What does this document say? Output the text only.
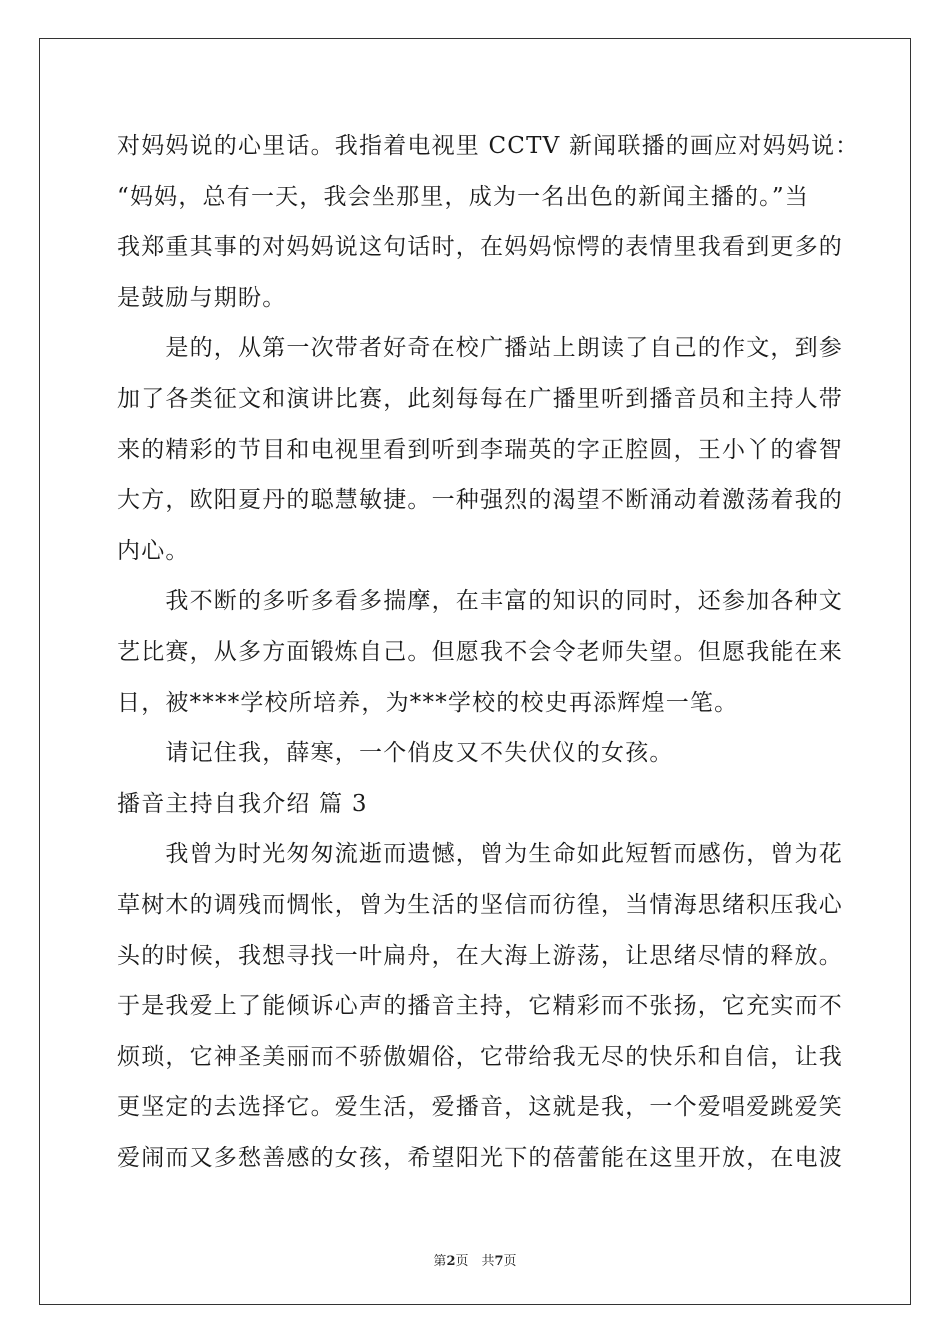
对妈妈说的心里话。我指着电视里 CCTV 新闻联播的画应对妈妈说：
“妈妈，总有一天，我会坐那里，成为一名出色的新闻主播的。”当
我郑重其事的对妈妈说这句话时，在妈妈惊愕的表情里我看到更多的
是鼓励与期盼。
　　是的，从第一次带者好奇在校广播站上朗读了自己的作文，到参
加了各类征文和演讲比赛，此刻每每在广播里听到播音员和主持人带
来的精彩的节目和电视里看到听到李瑞英的字正腔圆，王小丫的睿智
大方，欧阳夏丹的聪慧敏捷。一种强烈的渴望不断涌动着激荡着我的
内心。
　　我不断的多听多看多揣摩，在丰富的知识的同时，还参加各种文
艺比赛，从多方面锻炼自己。但愿我不会令老师失望。但愿我能在来
日，被****学校所培养，为***学校的校史再添辉煌一笔。
　　请记住我，薛寒，一个俏皮又不失伏仪的女孩。
播音主持自我介绍 篇 3
　　我曾为时光匆匆流逝而遗憾，曾为生命如此短暂而感伤，曾为花
草树木的调残而惆怅，曾为生活的坚信而彷徨，当情海思绪积压我心
头的时候，我想寻找一叶扁舟，在大海上游荡，让思绪尽情的释放。
于是我爱上了能倾诉心声的播音主持，它精彩而不张扬，它充实而不
烦琐，它神圣美丽而不骄傲媚俗，它带给我无尽的快乐和自信，让我
更坚定的去选择它。爱生活，爱播音，这就是我，一个爱唱爱跳爱笑
爱闹而又多愁善感的女孩，希望阳光下的蓓蕾能在这里开放，在电波
第2页　共7页
